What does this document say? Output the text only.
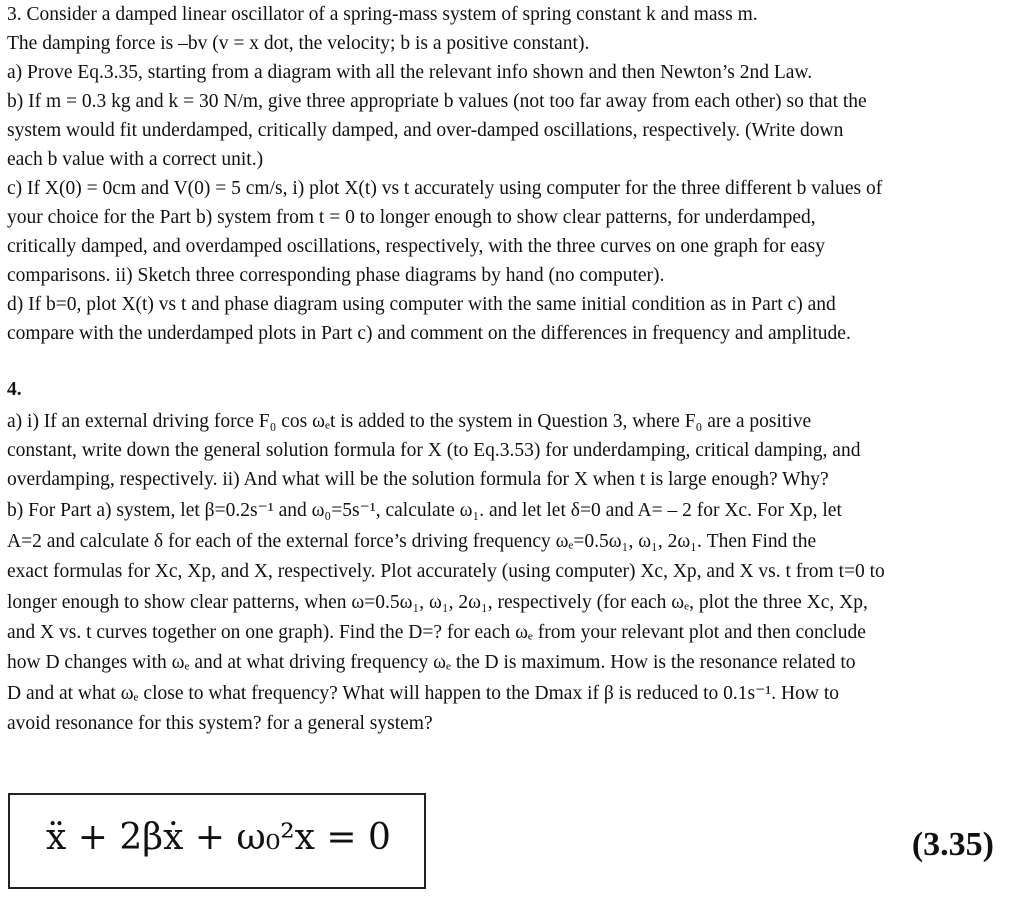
3. Consider a damped linear oscillator of a spring-mass system of spring constant k and mass m.
The damping force is –bv (v = x dot, the velocity; b is a positive constant).
a) Prove Eq.3.35, starting from a diagram with all the relevant info shown and then Newton’s 2nd Law.
b) If m = 0.3 kg and k = 30 N/m, give three appropriate b values (not too far away from each other) so that the
system would fit underdamped, critically damped, and over-damped oscillations, respectively. (Write down
each b value with a correct unit.)
c) If X(0) = 0cm and V(0) = 5 cm/s, i) plot X(t) vs t accurately using computer for the three different b values of
your choice for the Part b) system from t = 0 to longer enough to show clear patterns, for underdamped,
critically damped, and overdamped oscillations, respectively, with the three curves on one graph for easy
comparisons. ii) Sketch three corresponding phase diagrams by hand (no computer).
d) If b=0, plot X(t) vs t and phase diagram using computer with the same initial condition as in Part c) and
compare with the underdamped plots in Part c) and comment on the differences in frequency and amplitude.
4.
a) i) If an external driving force F₀ cos ωₑt is added to the system in Question 3, where F₀ are a positive
constant, write down the general solution formula for X (to Eq.3.53) for underdamping, critical damping, and
overdamping, respectively. ii) And what will be the solution formula for X when t is large enough? Why?
b) For Part a) system, let β=0.2s⁻¹ and ω₀=5s⁻¹, calculate ω₁. and let let δ=0 and A= – 2 for Xc. For Xp, let
A=2 and calculate δ for each of the external force’s driving frequency ωₑ=0.5ω₁, ω₁, 2ω₁. Then Find the
exact formulas for Xc, Xp, and X, respectively. Plot accurately (using computer) Xc, Xp, and X vs. t from t=0 to
longer enough to show clear patterns, when ω=0.5ω₁, ω₁, 2ω₁, respectively (for each ωₑ, plot the three Xc, Xp,
and X vs. t curves together on one graph). Find the D=? for each ωₑ from your relevant plot and then conclude
how D changes with ωₑ and at what driving frequency ωₑ the D is maximum. How is the resonance related to
D and at what ωₑ close to what frequency? What will happen to the Dmax if β is reduced to 0.1s⁻¹. How to
avoid resonance for this system? for a general system?
ẍ + 2βẋ + ω₀²x = 0	(3.35)
